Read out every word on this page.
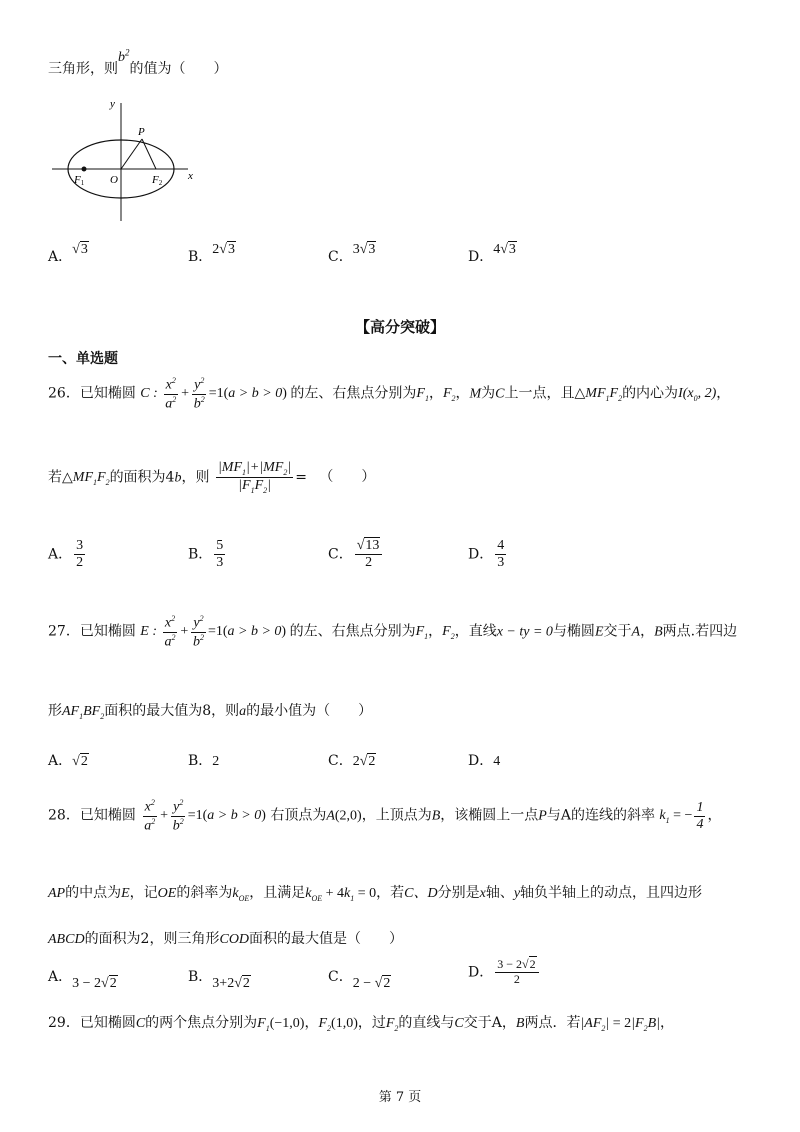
三角形，则$b^2$的值为（　　）
y
x
P
O
F1	F2
A．√3	B．2√3	C．3√3	D．4√3
【高分突破】
一、单选题
26．已知椭圆 C : $\frac{x^2}{a^2} + \frac{y^2}{b^2} =1(a > b > 0)$ 的左、右焦点分别为$F_1$，$F_2$，M为C上一点，且$\triangle MF_1F_2$的内心为$I(x_0$, 2)，
若$\triangle MF_1F_2$的面积为4b，则 $\frac{|MF_1|+|MF_2|}{|F_1F_2|}$ = （　　）
A． $\frac{3}{2}$	B． $\frac{5}{3}$	C． $\frac{√13}{2}$	D． $\frac{4}{3}$
27．已知椭圆 E : $\frac{x^2}{a^2} + \frac{y^2}{b^2} =1(a > b > 0)$ 的左、右焦点分别为$F_1$，$F_2$，直线x − ty = 0与椭圆E交于A，B两点.若四边
形$AF_1BF_2$面积的最大值为8，则a的最小值为（　　）
A．√2	B．2	C．2√2	D．4
28．已知椭圆 $\frac{x^2}{a^2} + \frac{y^2}{b^2} =1(a > b > 0)$ 右顶点为A(2,0)，上顶点为B，该椭圆上一点P与A的连线的斜率 $k_1$ = − $\frac{1}{4}$ ，
AP的中点为E，记OE的斜率为$k_{OE}$，且满足$k_{OE} + 4k_1 = 0$，若C、D分别是x轴、y轴负半轴上的动点，且四边形
ABCD的面积为2，则三角形COD面积的最大值是（　　）
A．3 − 2√2	B．3+2√2	C．2 − √2
D． $\frac{3 - 2√2}{2}$
29．已知椭圆C的两个焦点分别为$F_1(-1,0)$，$F_2(1,0)$，过$F_2$的直线与C交于A，B两点．若$|AF_2| = 2|F_2B|$，
第 7 页
